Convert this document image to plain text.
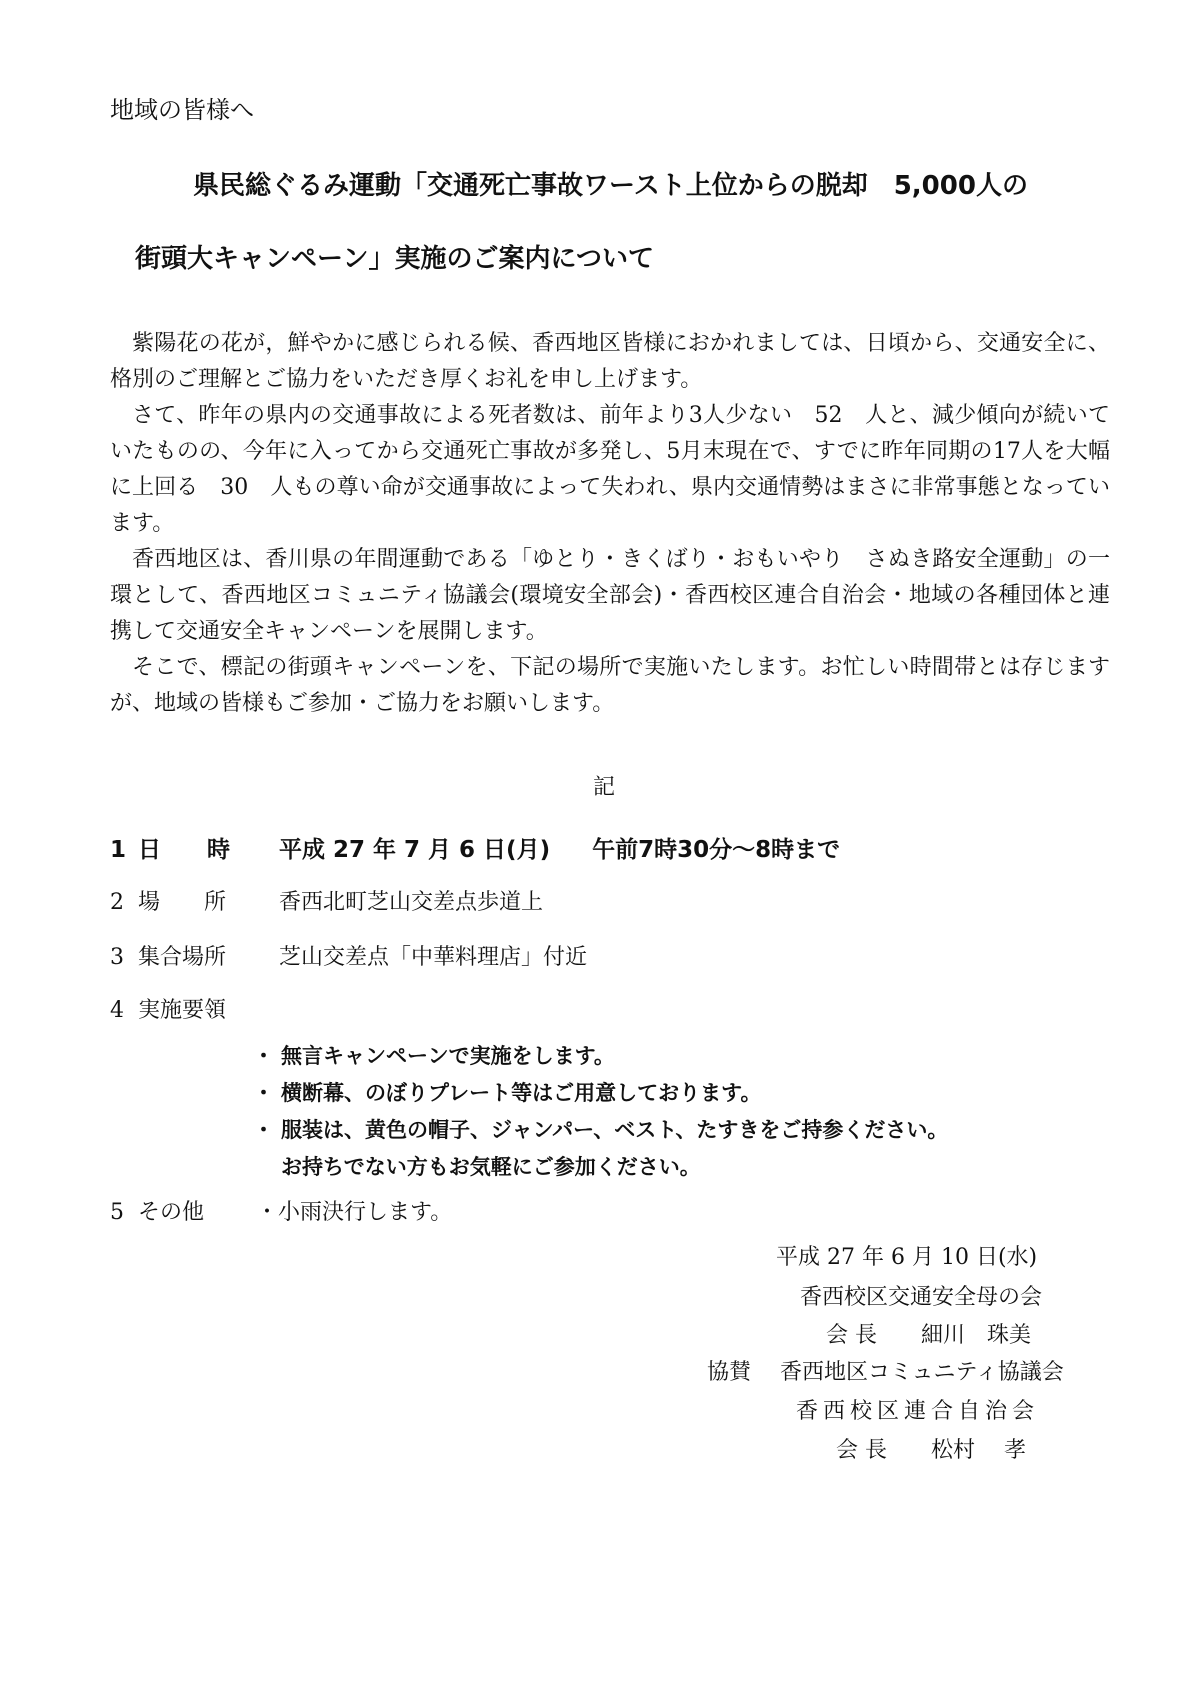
地域の皆様へ
県民総ぐるみ運動「交通死亡事故ワースト上位からの脱却　5,000人の
街頭大キャンペーン」実施のご案内について

紫陽花の花が，鮮やかに感じられる候、香西地区皆様におかれましては、日頃から、交通安全に、格別のご理解とご協力をいただき厚くお礼を申し上げます。

さて、昨年の県内の交通事故による死者数は、前年より3人少ない　52　人と、減少傾向が続いていたものの、今年に入ってから交通死亡事故が多発し、5月末現在で、すでに昨年同期の17人を大幅に上回る　30　人もの尊い命が交通事故によって失われ、県内交通情勢はまさに非常事態となっています。

香西地区は、香川県の年間運動である「ゆとり・きくばり・おもいやり　さぬき路安全運動」の一環として、香西地区コミュニティ協議会(環境安全部会)・香西校区連合自治会・地域の各種団体と連携して交通安全キャンペーンを展開します。

そこで、標記の街頭キャンペーンを、下記の場所で実施いたします。お忙しい時間帯とは存じますが、地域の皆様もご参加・ご協力をお願いします。

記
1 日　　時 平成 27 年 7 月 6 日(月) 午前7時30分～8時まで
2 場　　所 香西北町芝山交差点歩道上
3 集合場所 芝山交差点「中華料理店」付近
4 実施要領
・ 無言キャンペーンで実施をします。
・ 横断幕、のぼりプレート等はご用意しております。
・ 服装は、黄色の帽子、ジャンパー、ベスト、たすきをご持参ください。
お持ちでない方もお気軽にご参加ください。
5 その他 ・小雨決行します。
平成 27 年 6 月 10 日(水)
香西校区交通安全母の会
会 長　　細川　珠美
協賛　 香西地区コミュニティ協議会
香西校区連合自治会
会 長　　松村　 孝
